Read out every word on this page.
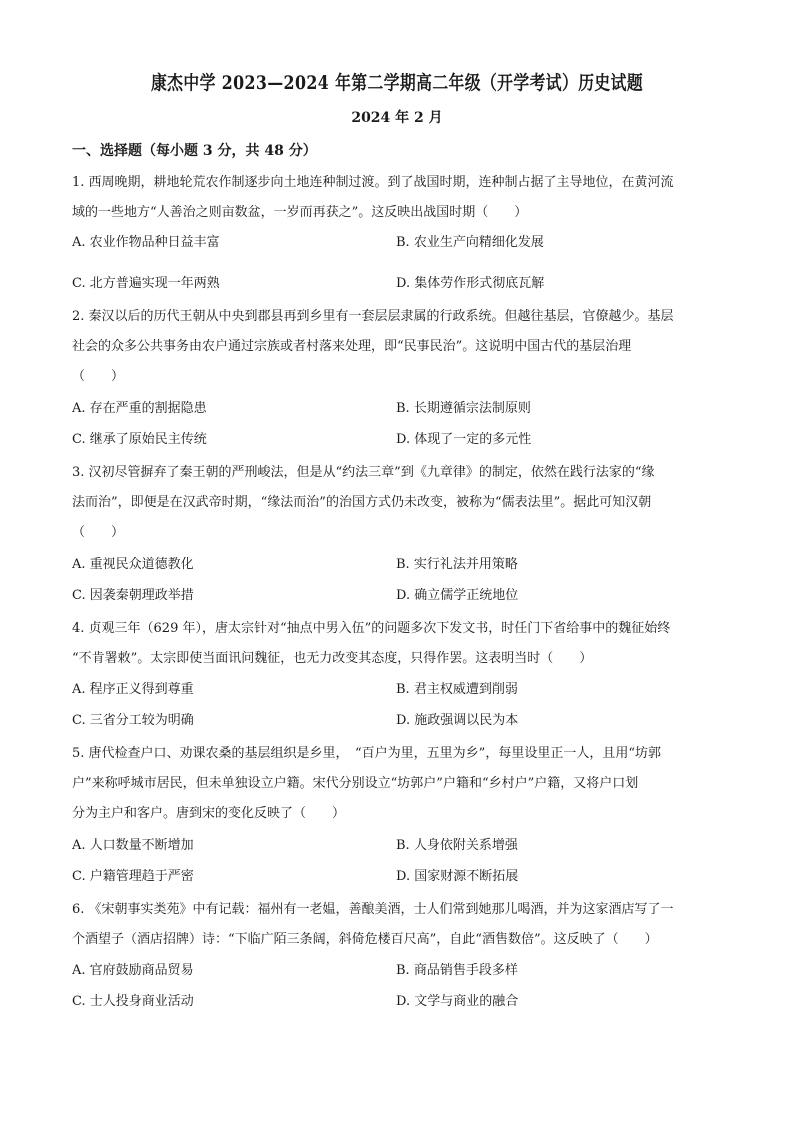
康杰中学 2023—2024 年第二学期高二年级（开学考试）历史试题
2024 年 2 月
一、选择题（每小题 3 分，共 48 分）
1. 西周晚期，耕地轮荒农作制逐步向土地连种制过渡。到了战国时期，连种制占据了主导地位，在黄河流
域的一些地方“人善治之则亩数盆，一岁而再获之”。这反映出战国时期（　　）
A. 农业作物品种日益丰富	B. 农业生产向精细化发展
C. 北方普遍实现一年两熟	D. 集体劳作形式彻底瓦解
2. 秦汉以后的历代王朝从中央到郡县再到乡里有一套层层隶属的行政系统。但越往基层，官僚越少。基层
社会的众多公共事务由农户通过宗族或者村落来处理，即“民事民治”。这说明中国古代的基层治理
（　　）
A. 存在严重的割据隐患	B. 长期遵循宗法制原则
C. 继承了原始民主传统	D. 体现了一定的多元性
3. 汉初尽管摒弃了秦王朝的严刑峻法，但是从“约法三章”到《九章律》的制定，依然在践行法家的“缘
法而治”，即便是在汉武帝时期，“缘法而治”的治国方式仍未改变，被称为“儒表法里”。据此可知汉朝
（　　）
A. 重视民众道德教化	B. 实行礼法并用策略
C. 因袭秦朝理政举措	D. 确立儒学正统地位
4. 贞观三年（629 年），唐太宗针对“抽点中男入伍”的问题多次下发文书，时任门下省给事中的魏征始终
“不肯署敕”。太宗即使当面讯问魏征，也无力改变其态度，只得作罢。这表明当时（　　）
A. 程序正义得到尊重	B. 君主权威遭到削弱
C. 三省分工较为明确	D. 施政强调以民为本
5. 唐代检查户口、劝课农桑的基层组织是乡里，　“百户为里，五里为乡”，每里设里正一人，且用“坊郭
户”来称呼城市居民，但未单独设立户籍。宋代分别设立“坊郭户”户籍和“乡村户”户籍，又将户口划
分为主户和客户。唐到宋的变化反映了（　　）
A. 人口数量不断增加	B. 人身依附关系增强
C. 户籍管理趋于严密	D. 国家财源不断拓展
6. 《宋朝事实类苑》中有记载：福州有一老媪，善酿美酒，士人们常到她那儿喝酒，并为这家酒店写了一
个酒望子（酒店招牌）诗：“下临广陌三条阔，斜倚危楼百尺高”，自此“酒售数倍”。这反映了（　　）
A. 官府鼓励商品贸易	B. 商品销售手段多样
C. 士人投身商业活动	D. 文学与商业的融合
